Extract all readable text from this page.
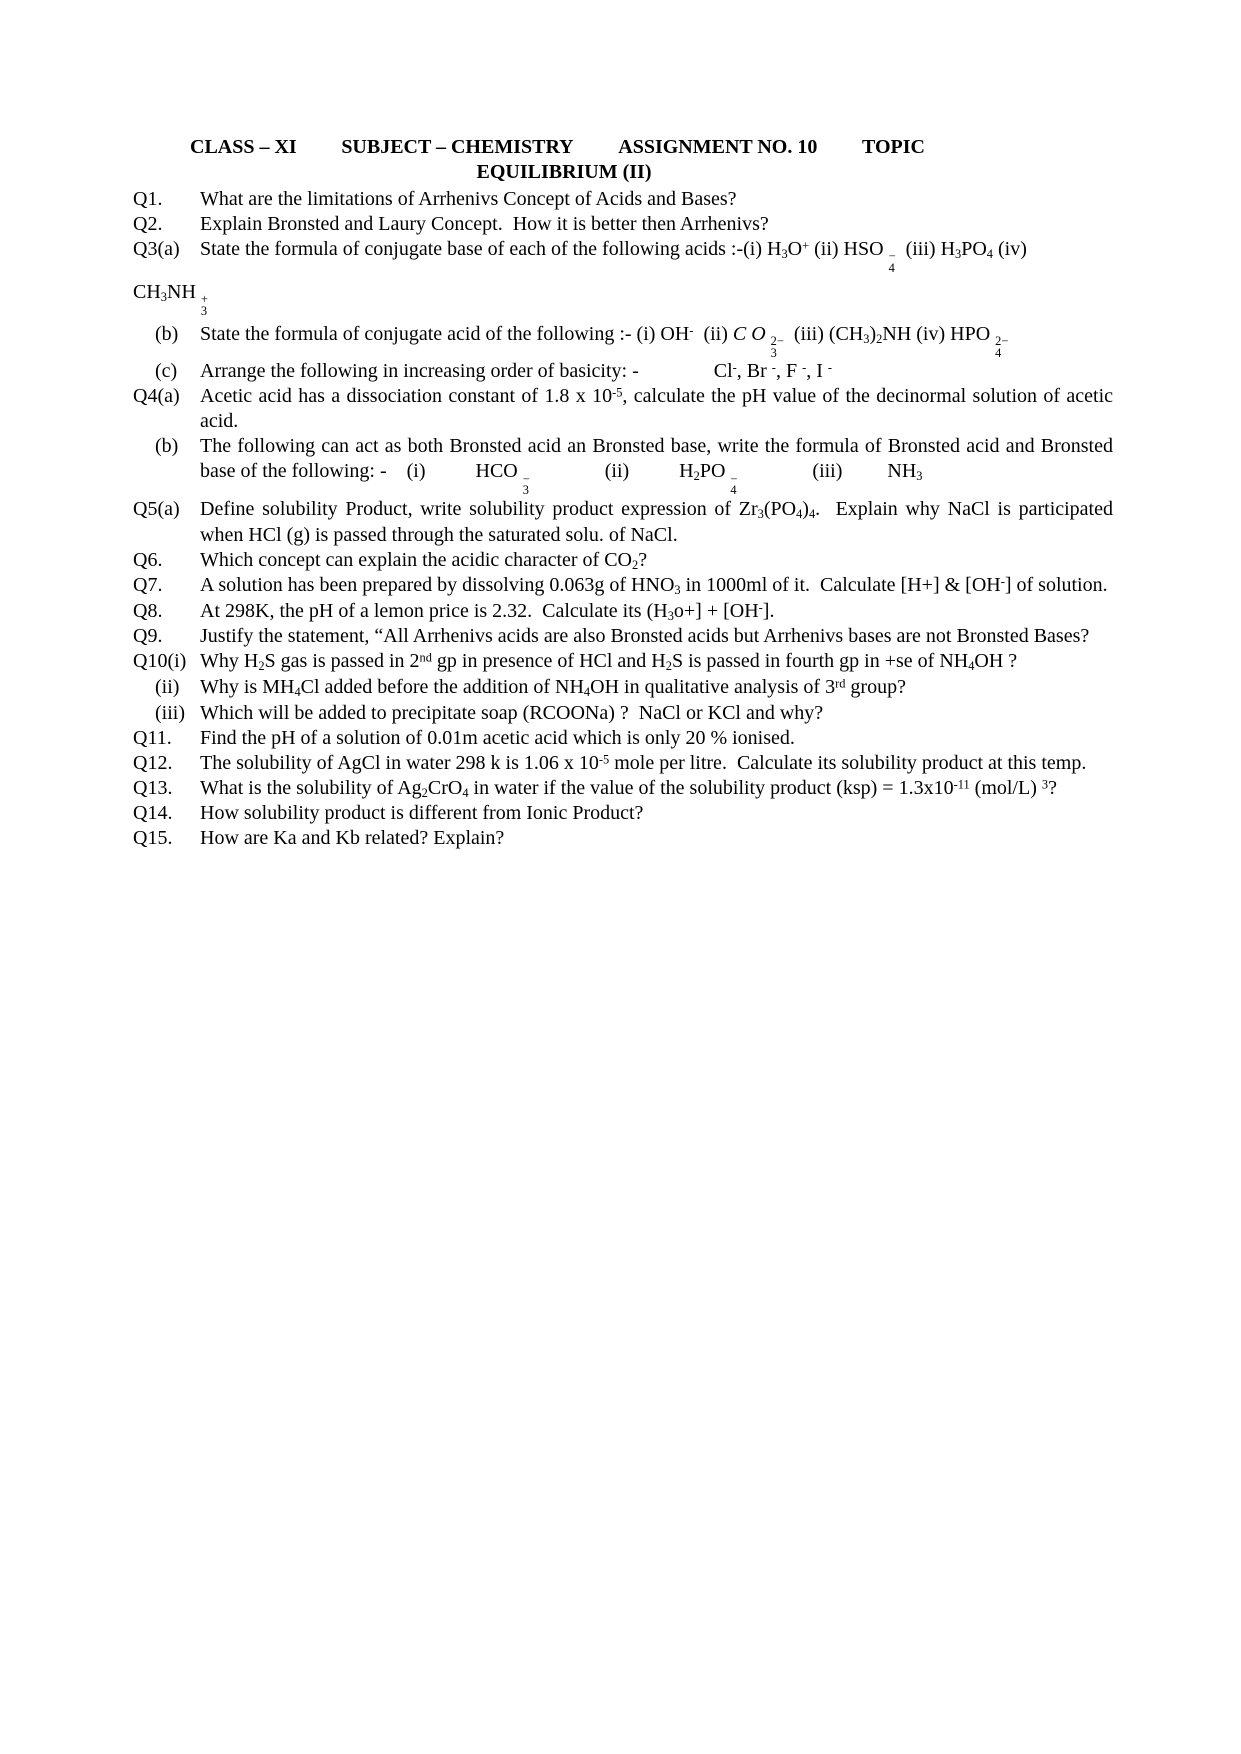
CLASS – XI SUBJECT – CHEMISTRY ASSIGNMENT NO. 10 TOPIC
EQUILIBRIUM (II)
Q1.	What are the limitations of Arrhenivs Concept of Acids and Bases?
Q2.	Explain Bronsted and Laury Concept.  How it is better then Arrhenivs?
Q3(a)	State the formula of conjugate base of each of the following acids :-(i) $H_3O^+$ (ii) HSO −
4
(iii) $H_3PO_4$ (iv)
$CH_3NH$ +
3
(b)	State the formula of conjugate acid of the following :- (i) OH-  (ii) C O 2−
3
(iii) $(CH_3)_2NH$ (iv) HPO 2−
4
(c)	Arrange the following in increasing order of basicity: -               Cl-, Br -, F -, I -
Q4(a)	Acetic acid has a dissociation constant of 1.8 x $10^{-5}$, calculate the pH value of the decinormal solution of acetic acid.
(b)	The following can act as both Bronsted acid an Bronsted base, write the formula of Bronsted acid and Bronsted base of the following: -    (i)          HCO −
3
(ii)          $H_2PO$ −
4
(iii)         $NH_3$
Q5(a)	Define solubility Product, write solubility product expression of $Zr_3(PO_4)_4$.  Explain why NaCl is participated when HCl (g) is passed through the saturated solu. of NaCl.
Q6.	Which concept can explain the acidic character of $CO_2$?
Q7.	A solution has been prepared by dissolving 0.063g of $HNO_3$ in 1000ml of it.  Calculate [H+] & [OH-] of solution.
Q8.	At 298K, the pH of a lemon price is 2.32.  Calculate its $(H_3o+] + [OH^-]$.
Q9.	Justify the statement, “All Arrhenivs acids are also Bronsted acids but Arrhenivs bases are not Bronsted Bases?
Q10(i) Why $H_2S$ gas is passed in 2nd gp in presence of HCl and $H_2S$ is passed in fourth gp in +se of $NH_4OH$ ?
(ii)	Why is $MH_4Cl$ added before the addition of $NH_4OH$ in qualitative analysis of 3rd group?
(iii) Which will be added to precipitate soap (RCOONa) ?  NaCl or KCl and why?
Q11.	Find the pH of a solution of 0.01m acetic acid which is only 20 % ionised.
Q12.	The solubility of AgCl in water 298 k is 1.06 x $10^{-5}$ mole per litre.  Calculate its solubility product at this temp.
Q13.	What is the solubility of $Ag_2CrO_4$ in water if the value of the solubility product $(ksp) = 1.3x10^{-11}$ (mol/L) $^3$?
Q14.	How solubility product is different from Ionic Product?
Q15.	How are Ka and Kb related? Explain?
